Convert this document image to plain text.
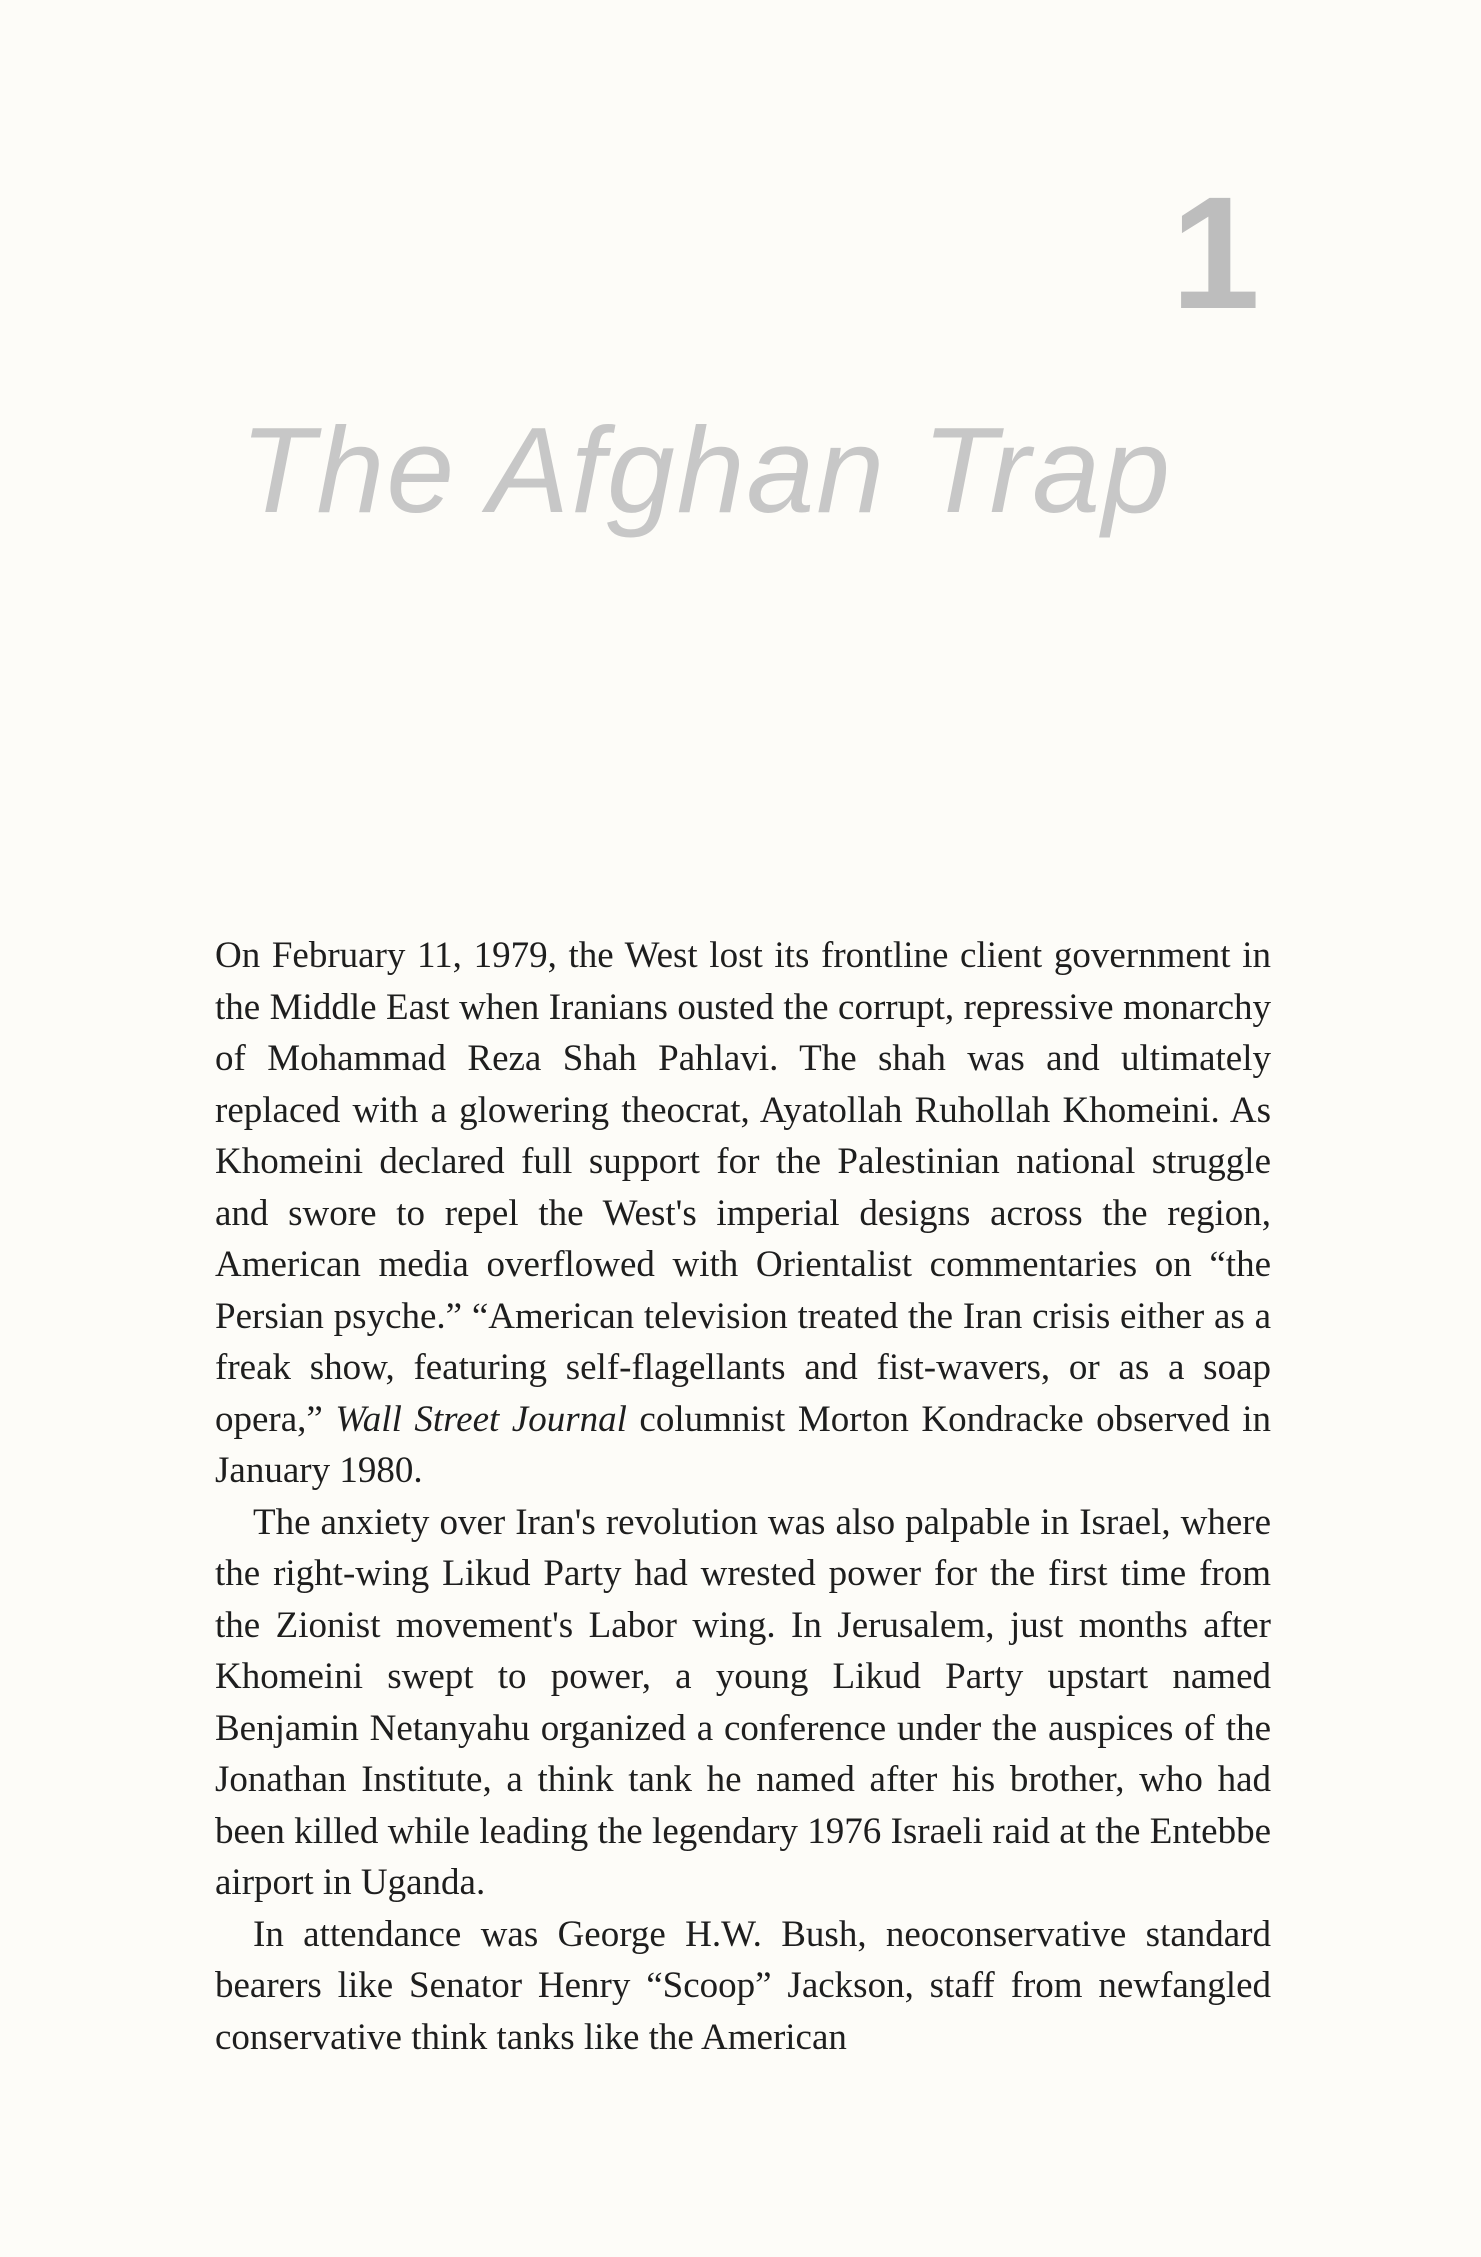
1
The Afghan Trap

On February 11, 1979, the West lost its frontline client government in the Middle East when Iranians ousted the corrupt, repressive monarchy of Mohammad Reza Shah Pahlavi. The shah was and ultimately replaced with a glowering theocrat, Ayatollah Ruhollah Khomeini. As Khomeini declared full support for the Palestinian national struggle and swore to repel the West's imperial designs across the region, American media overflowed with Orientalist commentaries on “the Persian psyche.” “American television treated the Iran crisis either as a freak show, featuring self-flagellants and fist-wavers, or as a soap opera,” Wall Street Journal columnist Morton Kondracke observed in January 1980.

The anxiety over Iran's revolution was also palpable in Israel, where the right-wing Likud Party had wrested power for the first time from the Zionist movement's Labor wing. In Jerusalem, just months after Khomeini swept to power, a young Likud Party upstart named Benjamin Netanyahu organized a conference under the auspices of the Jonathan Institute, a think tank he named after his brother, who had been killed while leading the legendary 1976 Israeli raid at the Entebbe airport in Uganda.

In attendance was George H.W. Bush, neoconservative standard bearers like Senator Henry “Scoop” Jackson, staff from newfangled conservative think tanks like the American
